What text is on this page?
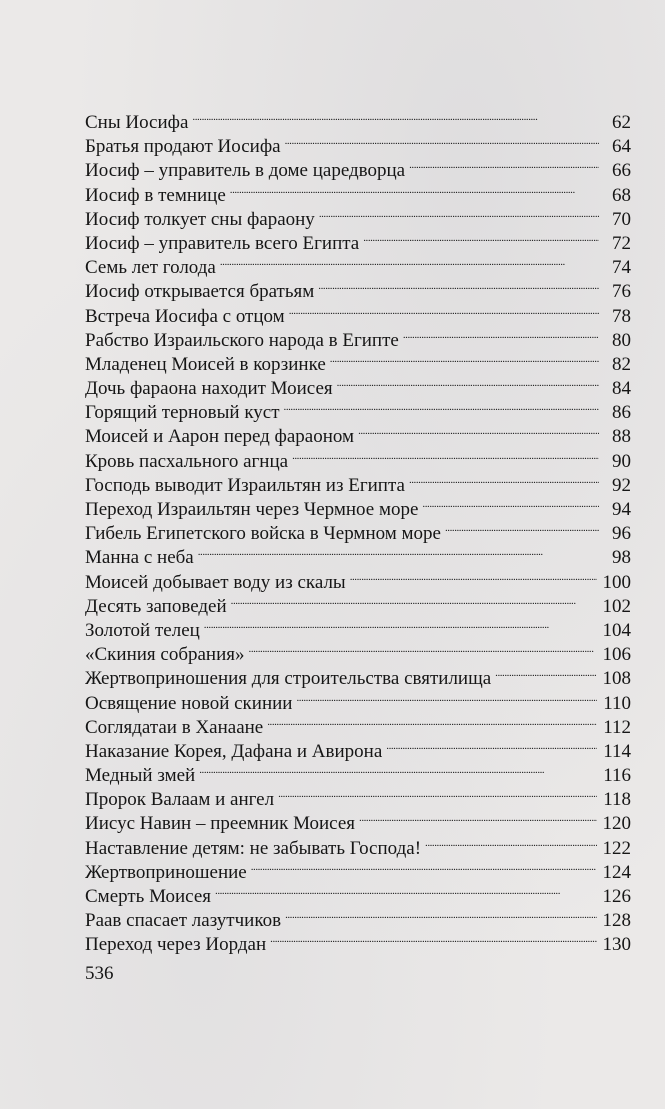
Сны Иосифа . . .	62
Братья продают Иосифа . . .	64
Иосиф – управитель в доме царедворца . . .	66
Иосиф в темнице . . .	68
Иосиф толкует сны фараону . . .	70
Иосиф – управитель всего Египта . . .	72
Семь лет голода . . .	74
Иосиф открывается братьям . . .	76
Встреча Иосифа с отцом . . .	78
Рабство Израильского народа в Египте . . .	80
Младенец Моисей в корзинке . . .	82
Дочь фараона находит Моисея . . .	84
Горящий терновый куст . . .	86
Моисей и Аарон перед фараоном . . .	88
Кровь пасхального агнца . . .	90
Господь выводит Израильтян из Египта . . .	92
Переход Израильтян через Чермное море . . .	94
Гибель Египетского войска в Чермном море . . .	96
Манна с неба . . .	98
Моисей добывает воду из скалы . . .	100
Десять заповедей . . .	102
Золотой телец . . .	104
«Скиния собрания» . . .	106
Жертвоприношения для строительства святилища . . .	108
Освящение новой скинии . . .	110
Соглядатаи в Ханаане . . .	112
Наказание Корея, Дафана и Авирона . . .	114
Медный змей . . .	116
Пророк Валаам и ангел . . .	118
Иисус Навин – преемник Моисея . . .	120
Наставление детям: не забывать Господа! . . .	122
Жертвоприношение . . .	124
Смерть Моисея . . .	126
Раав спасает лазутчиков . . .	128
Переход через Иордан . . .	130
536
